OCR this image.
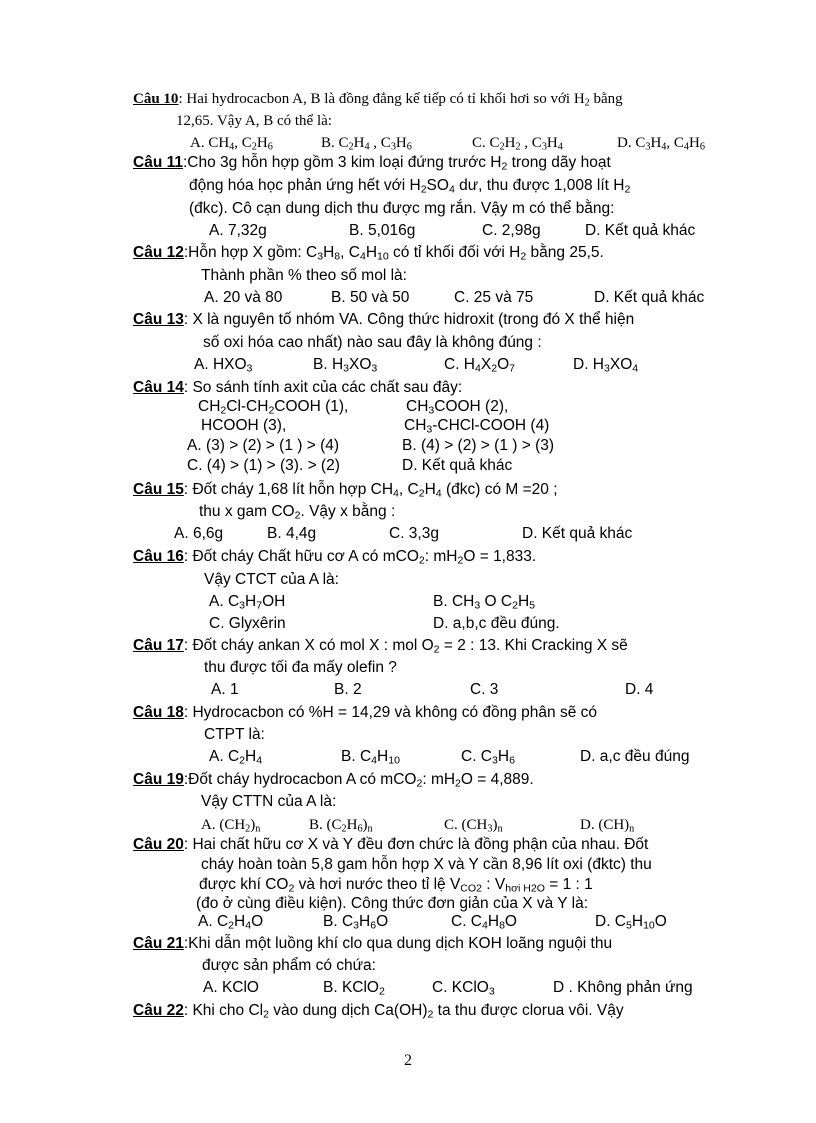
2
Câu 10: Hai hydrocacbon A, B là đồng đẳng kế tiếp có tỉ khối hơi so với $H_2$ bằng
12,65. Vậy A, B có thể là:
A. $CH_4$, $C_2H_6$	B. $C_2H_4$ , $C_3H_6$	C. $C_2H_2$ , $C_3H_4$	D. $C_3H_4$, $C_4H_6$
Câu 11:Cho 3g hỗn hợp gồm 3 kim loại đứng trước $H_2$ trong dãy hoạt
động hóa học phản ứng hết với $H_2SO_4$ dư, thu được 1,008 lít $H_2$
(đkc). Cô cạn dung dịch thu được mg rắn. Vậy m có thể bằng:
A. 7,32g	B. 5,016g	C. 2,98g	D. Kết quả khác
Câu 12:Hỗn hợp X gồm: $C_3H_8$, $C_4H_{10}$ có tỉ khối đối với $H_2$ bằng 25,5.
Thành phần % theo số mol là:
A. 20 và 80	B. 50 và 50	C. 25 và 75	D. Kết quả khác
Câu 13: X là nguyên tố nhóm VA. Công thức hidroxit (trong đó X thể hiện
số oxi hóa cao nhất) nào sau đây là không đúng :
A. $HXO_3$	B. $H_3XO_3$	C. $H_4X_2O_7$	D. $H_3XO_4$
Câu 14: So sánh tính axit của các chất sau đây:
$CH_2Cl-CH_2COOH$ (1),	$CH_3COOH$ (2),
HCOOH (3),	$CH_3-CHCl$-COOH (4)
A. (3) > (2) > (1 ) > (4)	B. (4) > (2) > (1 ) > (3)
C. (4) > (1) > (3). > (2)	D. Kết quả khác
Câu 15: Đốt cháy 1,68 lít hỗn hợp $CH_4$, $C_2H_4$ (đkc) có M =20 ;
thu x gam $CO_2$. Vậy x bằng :
A. 6,6g	B. 4,4g	C. 3,3g	D. Kết quả khác
Câu 16: Đốt cháy Chất hữu cơ A có mCO$_2$: $mH_2O = 1,833$.
Vậy CTCT của A là:
A. $C_3H_7OH$	B. $CH_3$ O $C_2H_5$
C. Glyxêrin	D. a,b,c đều đúng.
Câu 17: Đốt cháy ankan X có mol X : mol $O_2 = 2$ : 13. Khi Cracking X sẽ
thu được tối đa mấy olefin ?
A. 1	B. 2	C. 3	D. 4
Câu 18: Hydrocacbon có %H = 14,29 và không có đồng phân sẽ có
CTPT là:
A. $C_2H_4$	B. $C_4H_{10}$	C. $C_3H_6$	D. a,c đều đúng
Câu 19:Đốt cháy hydrocacbon A có mCO$_2$: $mH_2O = 4,889$.
Vậy CTTN của A là:
A. $(CH_2)_n$	B. $(C_2H_6)_n$	C. $(CH_3)_n$	D. $(CH)_n$
Câu 20: Hai chất hữu cơ X và Y đều đơn chức là đồng phận của nhau. Đốt
cháy hoàn toàn 5,8 gam hỗn hợp X và Y cần 8,96 lít oxi (đktc) thu
được khí $CO_2$ và hơi nước theo tỉ lệ $V_{CO2}$ : $V_{hơi H2O} = 1$ : 1
(đo ở cùng điều kiện). Công thức đơn giản của X và Y là:
A. $C_2H_4O$	B. $C_3H_6O$	C. $C_4H_8O$	D. $C_5H_{10}O$
Câu 21:Khi dẫn một luồng khí clo qua dung dịch KOH loãng nguội thu
được sản phẩm có chứa:
A. KClO	B. KClO$_2$	C. KClO$_3$	D . Không phản ứng
Câu 22: Khi cho $Cl_2$ vào dung dịch $Ca(OH)_2$ ta thu được clorua vôi. Vậy
